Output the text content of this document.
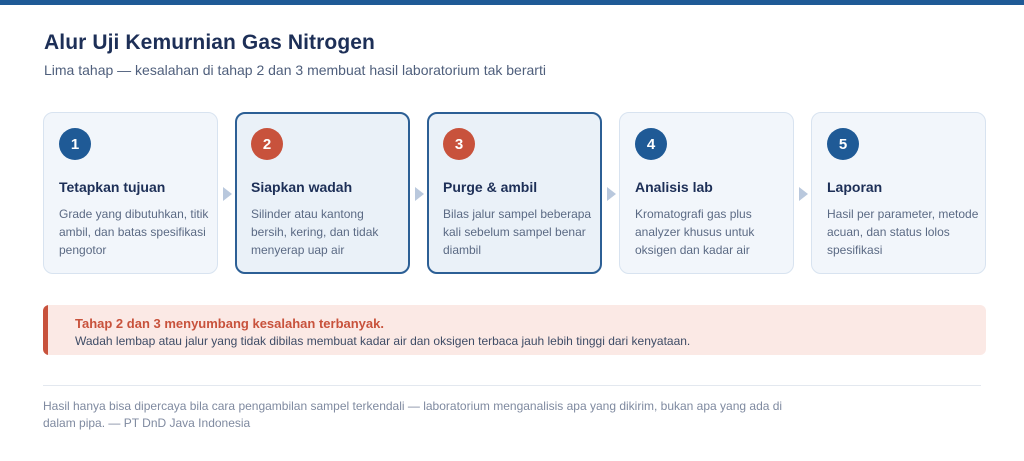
Alur Uji Kemurnian Gas Nitrogen

Lima tahap — kesalahan di tahap 2 dan 3 membuat hasil laboratorium tak berarti

1
Tetapkan tujuan
Grade yang dibutuhkan, titik ambil, dan batas spesifikasi pengotor
2
Siapkan wadah
Silinder atau kantong bersih, kering, dan tidak menyerap uap air
3
Purge & ambil
Bilas jalur sampel beberapa kali sebelum sampel benar diambil
4
Analisis lab
Kromatografi gas plus analyzer khusus untuk oksigen dan kadar air
5
Laporan
Hasil per parameter, metode acuan, dan status lolos spesifikasi
Tahap 2 dan 3 menyumbang kesalahan terbanyak.
Wadah lembap atau jalur yang tidak dibilas membuat kadar air dan oksigen terbaca jauh lebih tinggi dari kenyataan.

Hasil hanya bisa dipercaya bila cara pengambilan sampel terkendali — laboratorium menganalisis apa yang dikirim, bukan apa yang ada di dalam pipa. — PT DnD Java Indonesia
